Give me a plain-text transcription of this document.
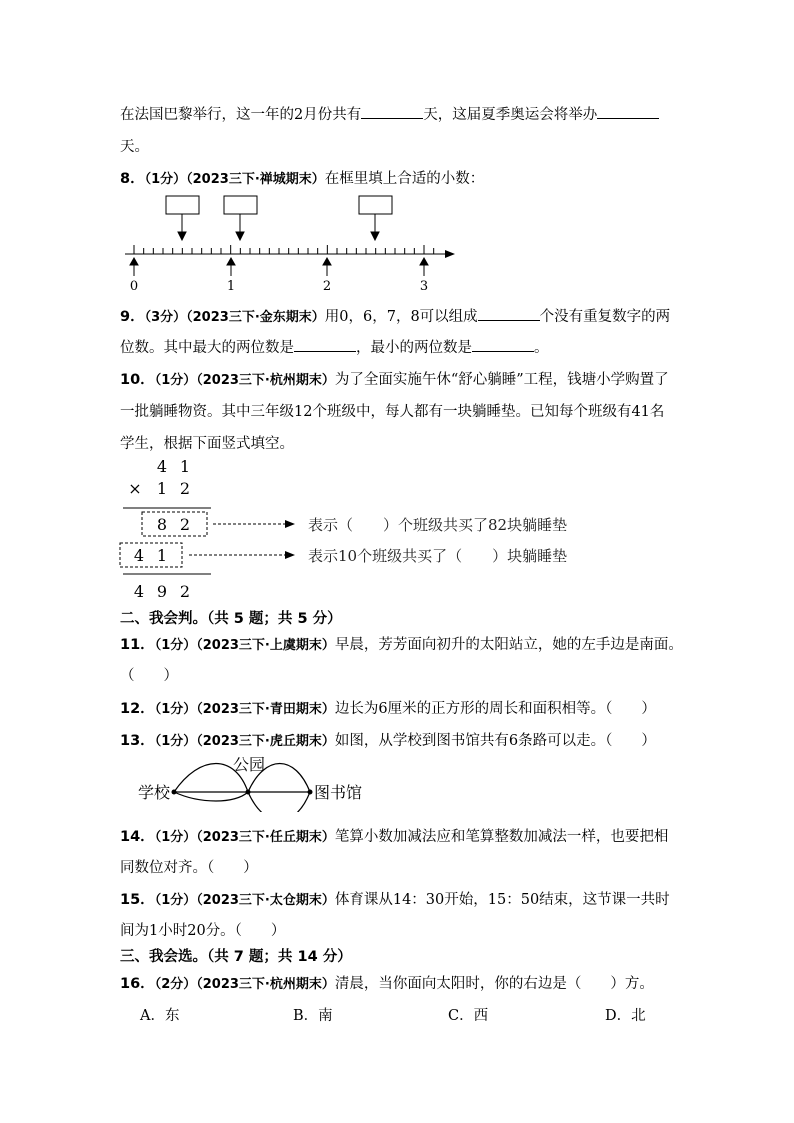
在法国巴黎举行，这一年的2月份共有	天，这届夏季奥运会将举办
天。
8．（1分）（2023三下·禅城期末）在框里填上合适的小数：
0	1	2	3
9．（3分）（2023三下·金东期末）用0，6，7，8可以组成	个没有重复数字的两
位数。其中最大的两位数是	，最小的两位数是	。
10．（1分）（2023三下·杭州期末）为了全面实施午休“舒心躺睡”工程，钱塘小学购置了
一批躺睡物资。其中三年级12个班级中，每人都有一块躺睡垫。已知每个班级有41名
学生，根据下面竖式填空。
4 1
× 1 2
8 2	表示（　　）个班级共买了82块躺睡垫
4 1	表示10个班级共买了（　　）块躺睡垫
4 9 2
二、我会判。（共 5 题；共 5 分）
11．（1分）（2023三下·上虞期末）早晨，芳芳面向初升的太阳站立，她的左手边是南面。
（　　）
12．（1分）（2023三下·青田期末）边长为6厘米的正方形的周长和面积相等。（　　）
13．（1分）（2023三下·虎丘期末）如图，从学校到图书馆共有6条路可以走。（　　）
学校
公园
图书馆
14．（1分）（2023三下·任丘期末）笔算小数加减法应和笔算整数加减法一样，也要把相
同数位对齐。（　　）
15．（1分）（2023三下·太仓期末）体育课从14：30开始，15：50结束，这节课一共时
间为1小时20分。（　　）
三、我会选。（共 7 题；共 14 分）
16．（2分）（2023三下·杭州期末）清晨，当你面向太阳时，你的右边是（　　）方。
A．东	B．南	C．西	D．北
